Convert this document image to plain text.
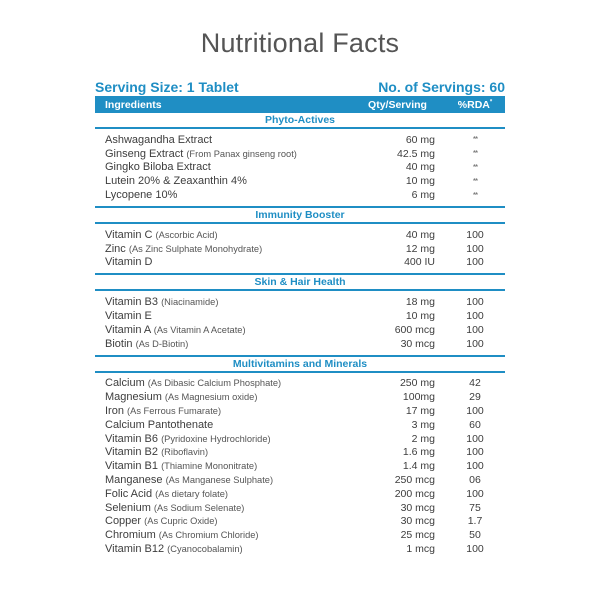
Nutritional Facts
Serving Size: 1 Tablet	No. of Servings: 60
Ingredients	Qty/Serving	%RDA*
Phyto-Actives
Ashwagandha Extract	60 mg	**
Ginseng Extract (From Panax ginseng root)	42.5 mg	**
Gingko Biloba Extract	40 mg	**
Lutein 20% & Zeaxanthin 4%	10 mg	**
Lycopene 10%	6 mg	**
Immunity Booster
Vitamin C (Ascorbic Acid)	40 mg	100
Zinc (As Zinc Sulphate Monohydrate)	12 mg	100
Vitamin D	400 IU	100
Skin & Hair Health
Vitamin B3 (Niacinamide)	18 mg	100
Vitamin E	10 mg	100
Vitamin A (As Vitamin A Acetate)	600 mcg	100
Biotin (As D-Biotin)	30 mcg	100
Multivitamins and Minerals
Calcium (As Dibasic Calcium Phosphate)	250 mg	42
Magnesium (As Magnesium oxide)	100mg	29
Iron (As Ferrous Fumarate)	17 mg	100
Calcium Pantothenate	3 mg	60
Vitamin B6 (Pyridoxine Hydrochloride)	2 mg	100
Vitamin B2 (Riboflavin)	1.6 mg	100
Vitamin B1 (Thiamine Mononitrate)	1.4 mg	100
Manganese (As Manganese Sulphate)	250 mcg	06
Folic Acid (As dietary folate)	200 mcg	100
Selenium (As Sodium Selenate)	30 mcg	75
Copper (As Cupric Oxide)	30 mcg	1.7
Chromium (As Chromium Chloride)	25 mcg	50
Vitamin B12 (Cyanocobalamin)	1 mcg	100
